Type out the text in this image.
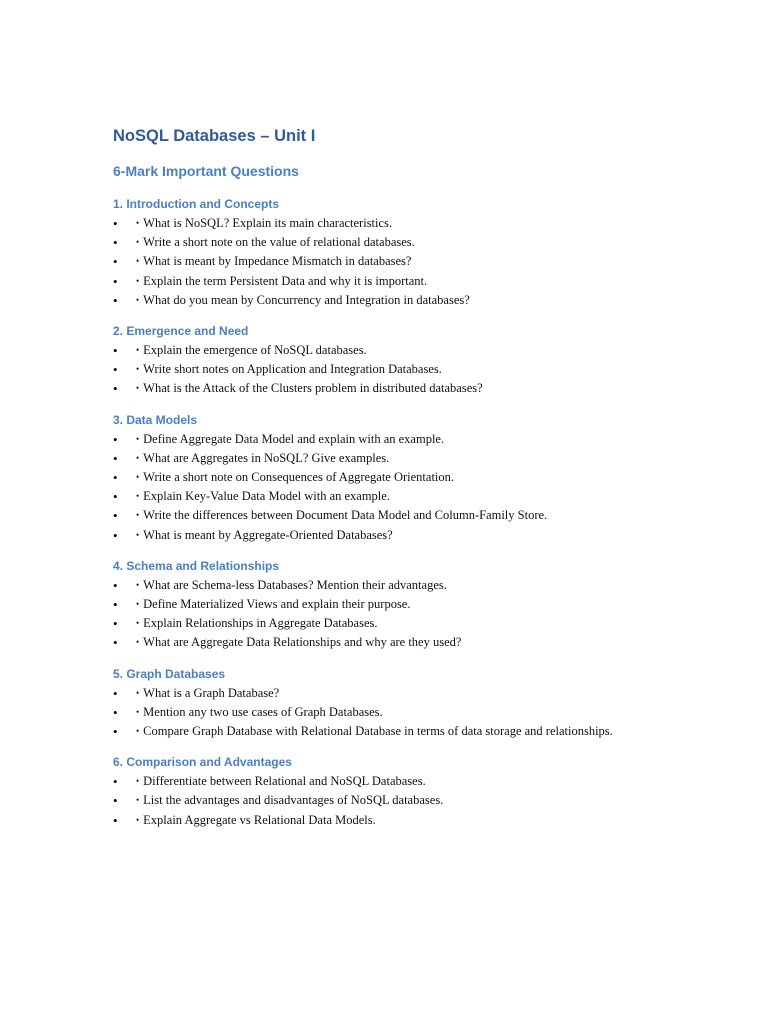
NoSQL Databases – Unit I
6-Mark Important Questions
1. Introduction and Concepts
• • What is NoSQL? Explain its main characteristics.
• • Write a short note on the value of relational databases.
• • What is meant by Impedance Mismatch in databases?
• • Explain the term Persistent Data and why it is important.
• • What do you mean by Concurrency and Integration in databases?
2. Emergence and Need
• • Explain the emergence of NoSQL databases.
• • Write short notes on Application and Integration Databases.
• • What is the Attack of the Clusters problem in distributed databases?
3. Data Models
• • Define Aggregate Data Model and explain with an example.
• • What are Aggregates in NoSQL? Give examples.
• • Write a short note on Consequences of Aggregate Orientation.
• • Explain Key-Value Data Model with an example.
• • Write the differences between Document Data Model and Column-Family Store.
• • What is meant by Aggregate-Oriented Databases?
4. Schema and Relationships
• • What are Schema-less Databases? Mention their advantages.
• • Define Materialized Views and explain their purpose.
• • Explain Relationships in Aggregate Databases.
• • What are Aggregate Data Relationships and why are they used?
5. Graph Databases
• • What is a Graph Database?
• • Mention any two use cases of Graph Databases.
• • Compare Graph Database with Relational Database in terms of data storage and relationships.
6. Comparison and Advantages
• • Differentiate between Relational and NoSQL Databases.
• • List the advantages and disadvantages of NoSQL databases.
• • Explain Aggregate vs Relational Data Models.
